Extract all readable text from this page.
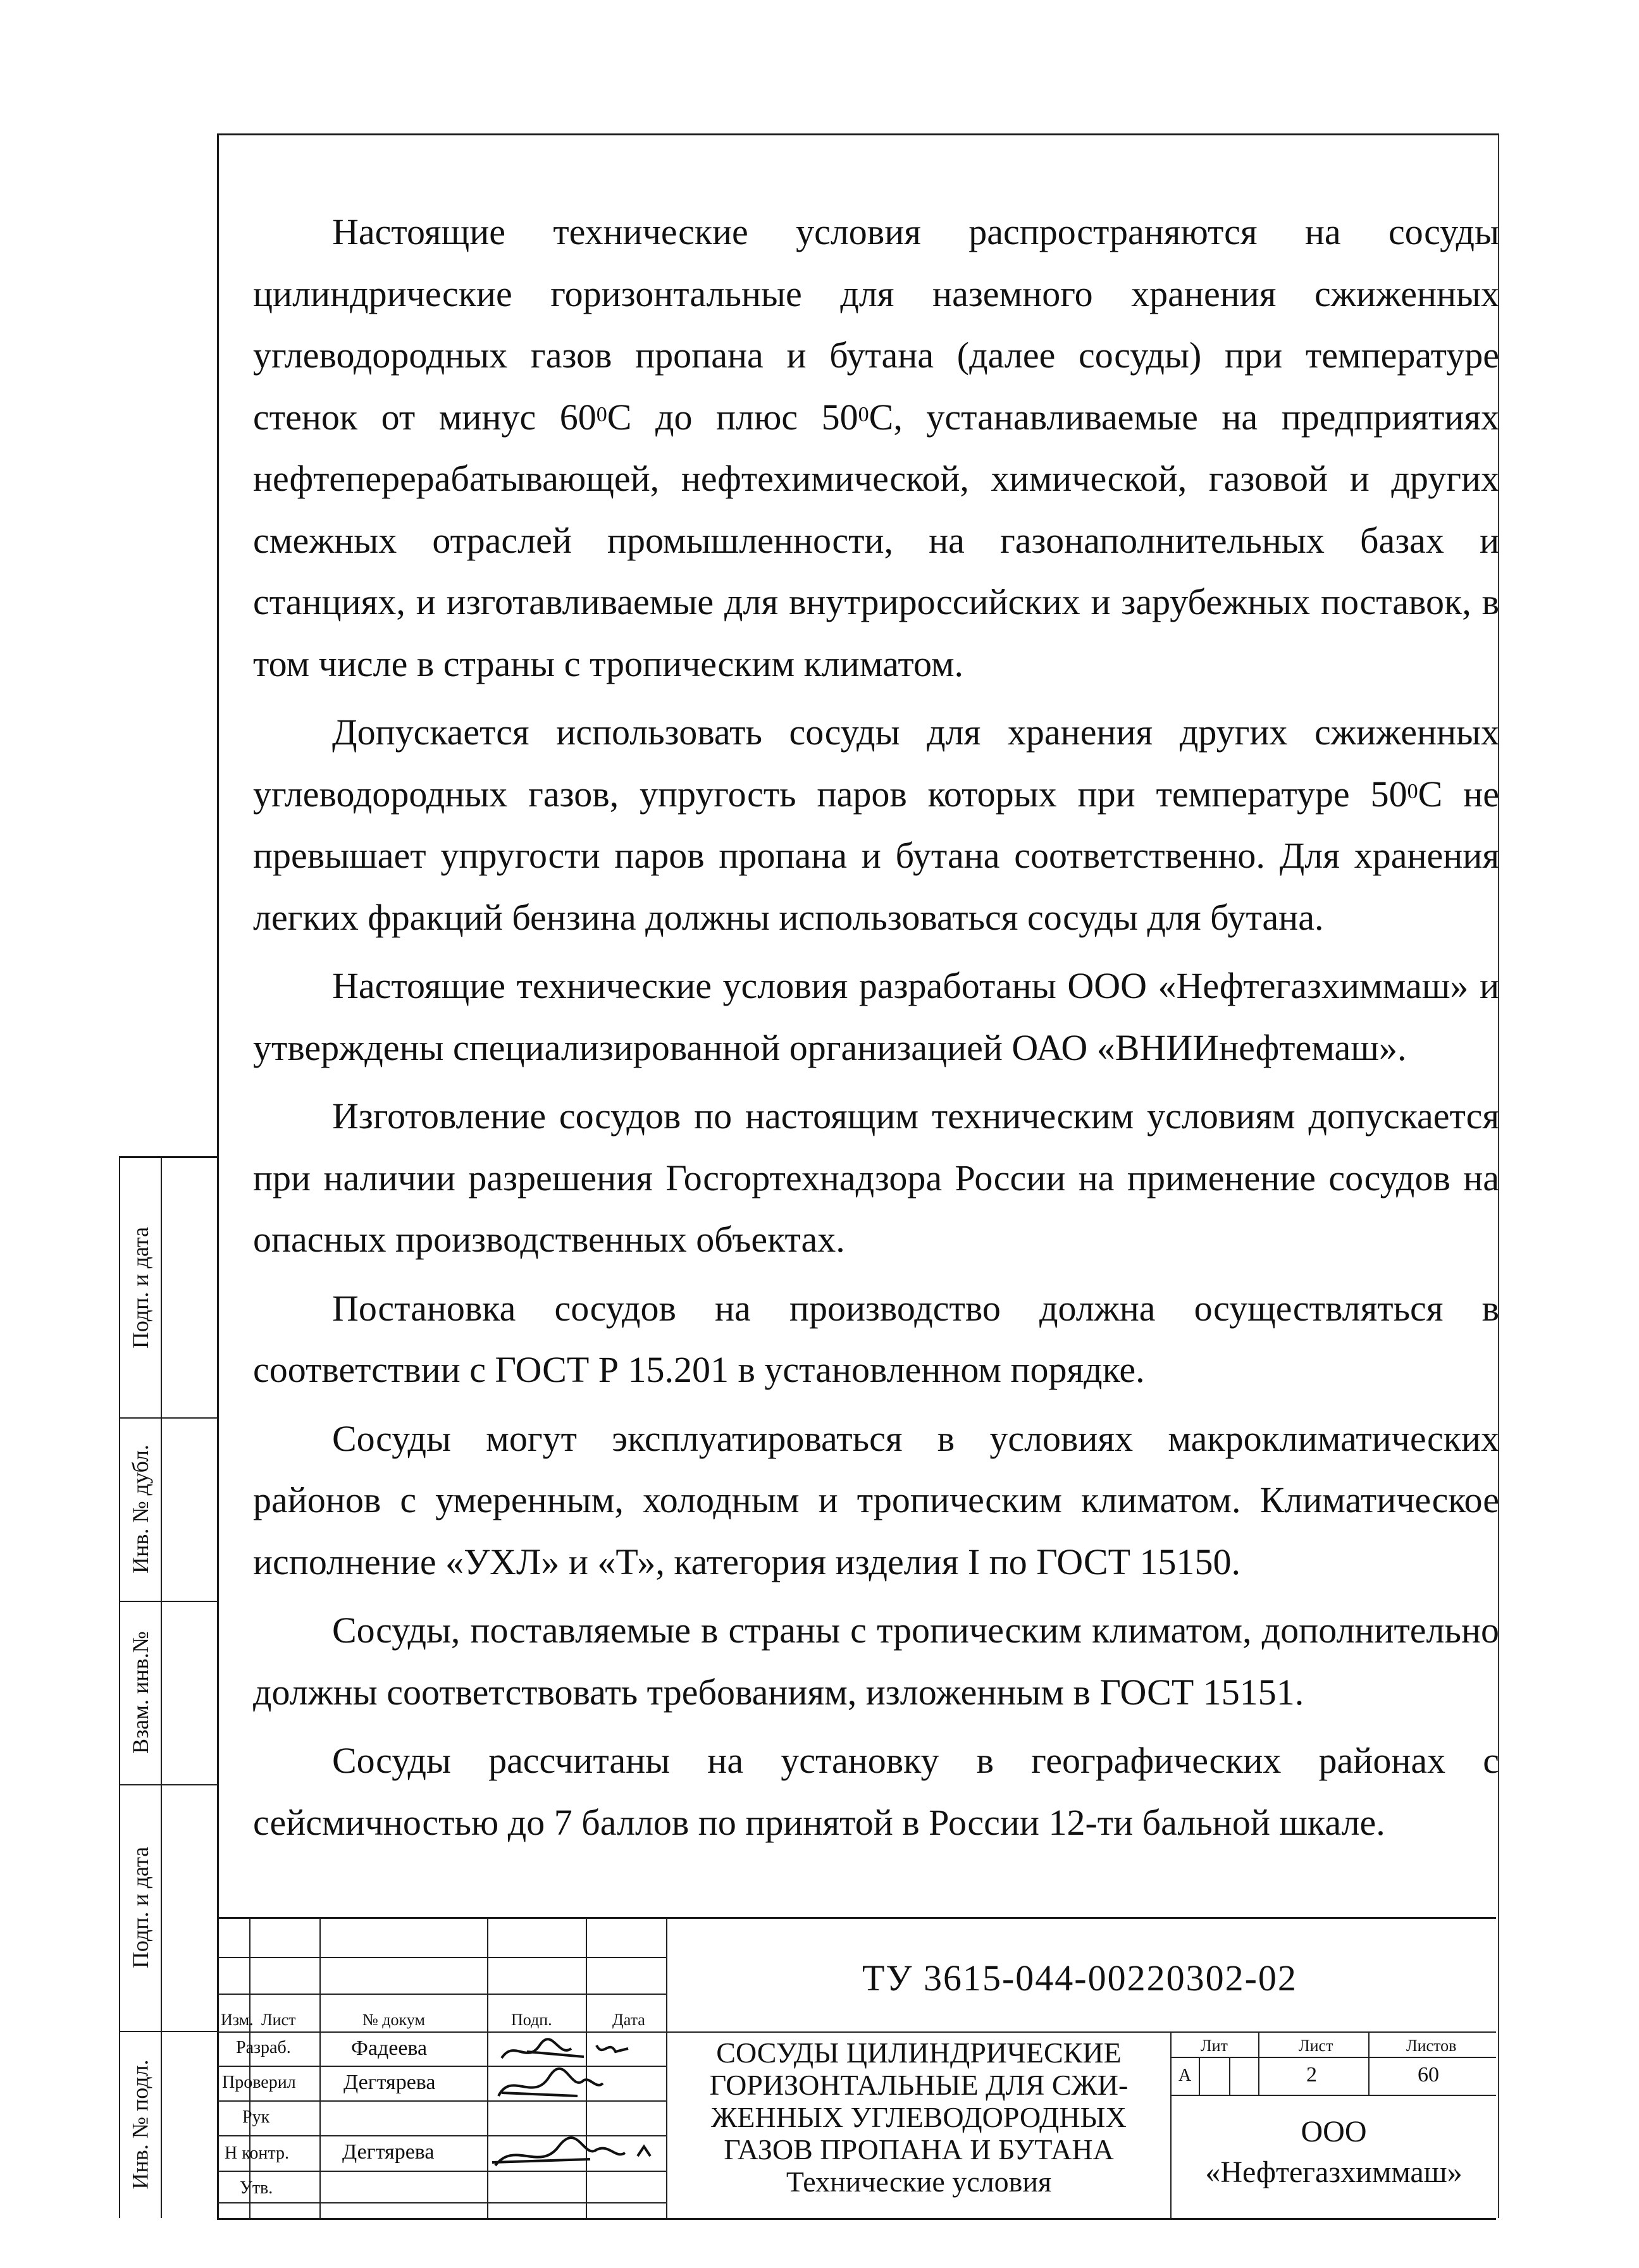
Настоящие технические условия распространяются на сосуды цилиндрические горизонтальные для наземного хранения сжиженных углеводородных газов пропана и бутана (далее сосуды) при температуре стенок от минус $60^0С$ до плюс $50^0С$, устанавливаемые на предприятиях нефтеперерабатывающей, нефтехимической, химической, газовой и других смежных отраслей промышленности, на газонаполнительных базах и станциях, и изготавливаемые для внутрироссийских и зарубежных поставок, в том числе в страны с тропическим климатом.

Допускается использовать сосуды для хранения других сжиженных углеводородных газов, упругость паров которых при температуре $50^0С$ не превышает упругости паров пропана и бутана соответственно. Для хранения легких фракций бензина должны использоваться сосуды для бутана.

Настоящие технические условия разработаны ООО «Нефтегазхиммаш» и утверждены специализированной организацией ОАО «ВНИИнефтемаш».

Изготовление сосудов по настоящим техническим условиям допускается при наличии разрешения Госгортехнадзора России на применение сосудов на опасных производственных объектах.

Постановка сосудов на производство должна осуществляться в соответствии с ГОСТ Р 15.201 в установленном порядке.

Сосуды могут эксплуатироваться в условиях макроклиматических районов с умеренным, холодным и тропическим климатом. Климатическое исполнение «УХЛ» и «Т», категория изделия I по ГОСТ 15150.

Сосуды, поставляемые в страны с тропическим климатом, дополнительно должны соответствовать требованиям, изложенным в ГОСТ 15151.

Сосуды рассчитаны на установку в географических районах с сейсмичностью до 7 баллов по принятой в России 12-ти бальной шкале.

Подп. и дата
Инв. № дубл.
Взам. инв.№
Подп. и дата
Инв. № подл.
ТУ 3615-044-00220302-02
Изм. Лист	№ докум	Подп.	Дата
Разраб.	Фадеева
Проверил Дегтярева
Рук
Н контр. Дегтярева
Утв.
СОСУДЫ ЦИЛИНДРИЧЕСКИЕ
ГОРИЗОНТАЛЬНЫЕ ДЛЯ СЖИ-
ЖЕННЫХ УГЛЕВОДОРОДНЫХ
ГАЗОВ ПРОПАНА И БУТАНА
Технические условия
Лит	Лист	Листов
А	2	60
ООО
«Нефтегазхиммаш»
